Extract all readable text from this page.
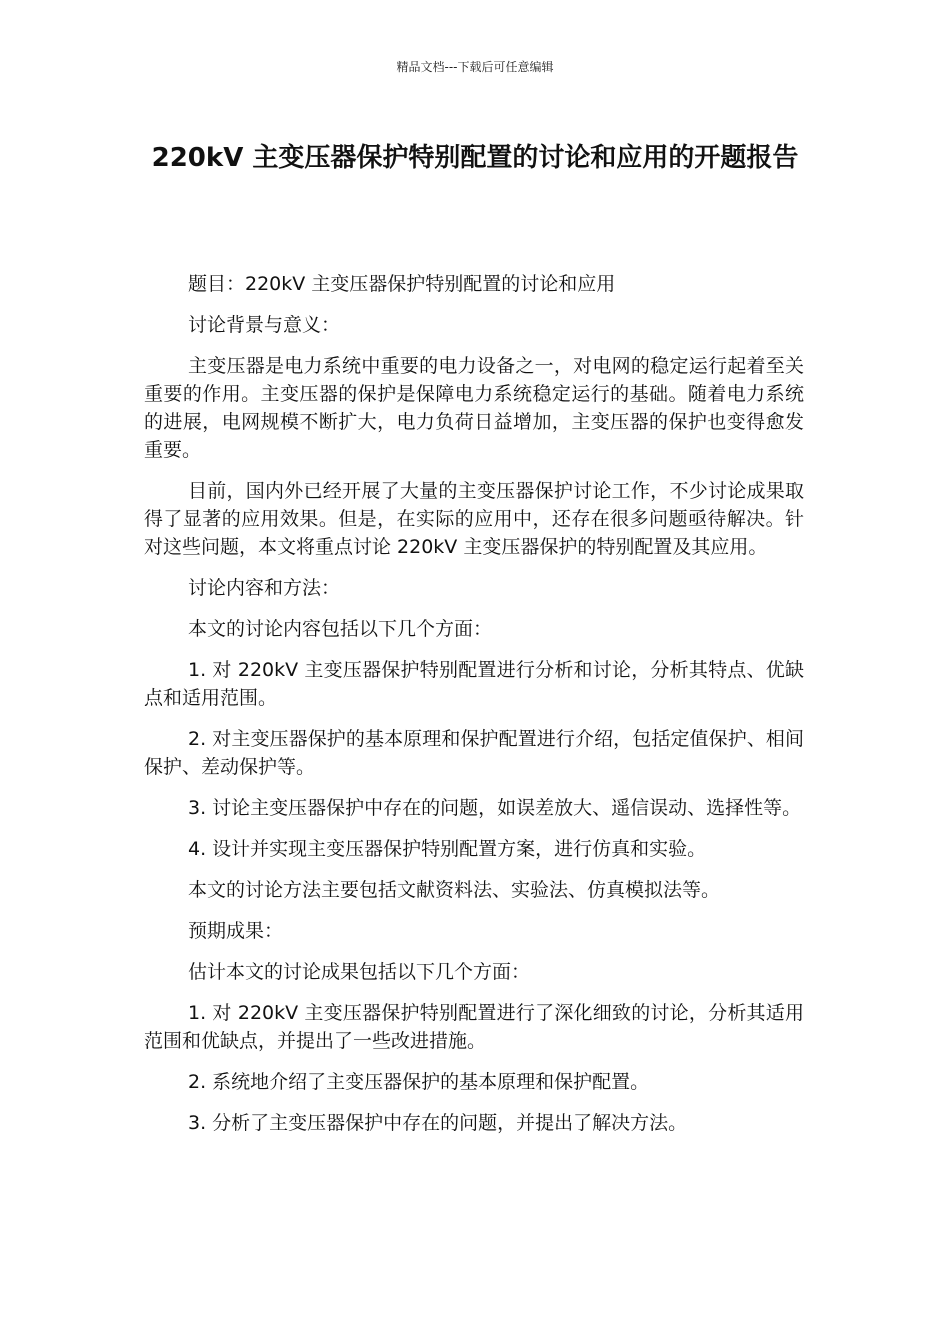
精品文档---下载后可任意编辑
220kV 主变压器保护特别配置的讨论和应用的开题报告

题目：220kV 主变压器保护特别配置的讨论和应用

讨论背景与意义：

主变压器是电力系统中重要的电力设备之一，对电网的稳定运行起着至关重要的作用。主变压器的保护是保障电力系统稳定运行的基础。随着电力系统的进展，电网规模不断扩大，电力负荷日益增加，主变压器的保护也变得愈发重要。

目前，国内外已经开展了大量的主变压器保护讨论工作，不少讨论成果取得了显著的应用效果。但是，在实际的应用中，还存在很多问题亟待解决。针对这些问题，本文将重点讨论 220kV 主变压器保护的特别配置及其应用。

讨论内容和方法：

本文的讨论内容包括以下几个方面：

1. 对 220kV 主变压器保护特别配置进行分析和讨论，分析其特点、优缺点和适用范围。

2. 对主变压器保护的基本原理和保护配置进行介绍，包括定值保护、相间保护、差动保护等。

3. 讨论主变压器保护中存在的问题，如误差放大、遥信误动、选择性等。

4. 设计并实现主变压器保护特别配置方案，进行仿真和实验。

本文的讨论方法主要包括文献资料法、实验法、仿真模拟法等。

预期成果：

估计本文的讨论成果包括以下几个方面：

1. 对 220kV 主变压器保护特别配置进行了深化细致的讨论，分析其适用范围和优缺点，并提出了一些改进措施。

2. 系统地介绍了主变压器保护的基本原理和保护配置。

3. 分析了主变压器保护中存在的问题，并提出了解决方法。
